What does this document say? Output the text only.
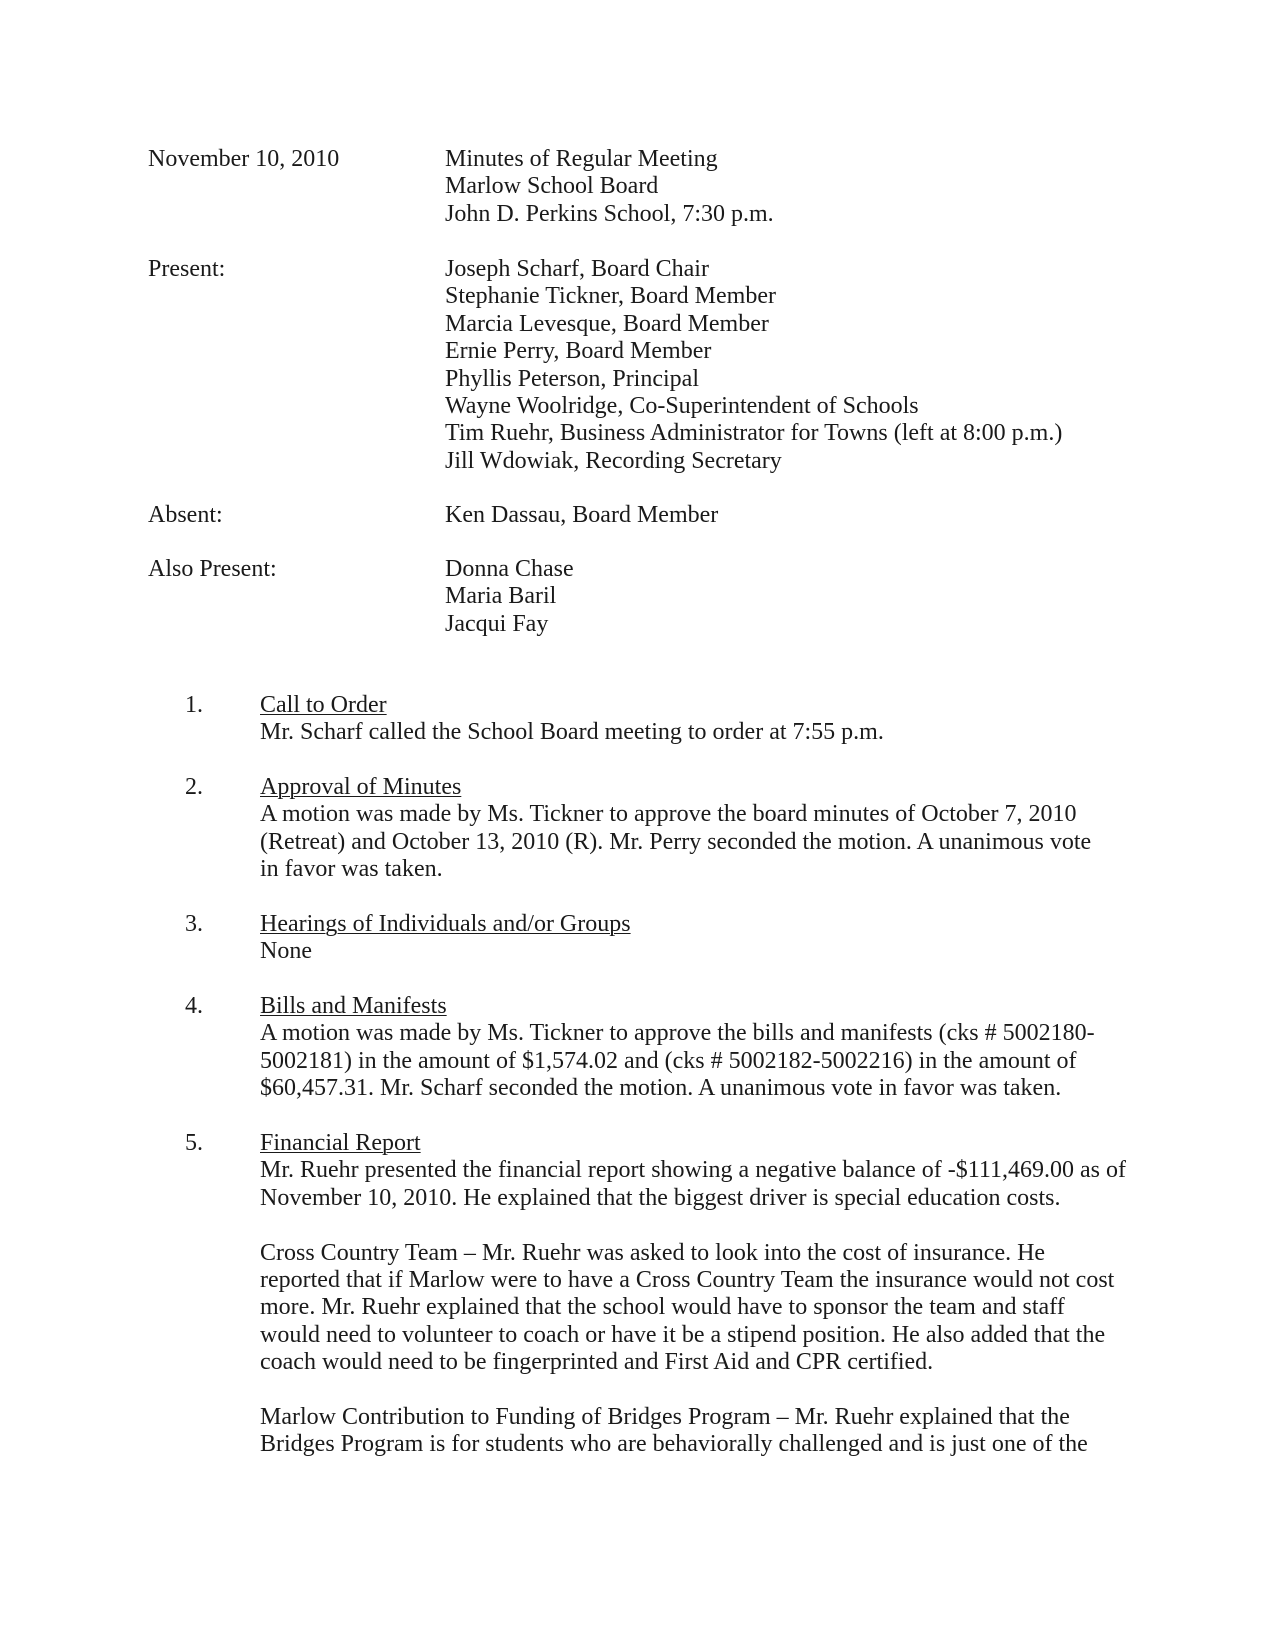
November 10, 2010	Minutes of Regular Meeting
Marlow School Board
John D. Perkins School, 7:30 p.m.
Present:	Joseph Scharf, Board Chair
Stephanie Tickner, Board Member
Marcia Levesque, Board Member
Ernie Perry, Board Member
Phyllis Peterson, Principal
Wayne Woolridge, Co-Superintendent of Schools
Tim Ruehr, Business Administrator for Towns (left at 8:00 p.m.)
Jill Wdowiak, Recording Secretary
Absent:	Ken Dassau, Board Member
Also Present:	Donna Chase
Maria Baril
Jacqui Fay
1. Call to Order
Mr. Scharf called the School Board meeting to order at 7:55 p.m.
2. Approval of Minutes
A motion was made by Ms. Tickner to approve the board minutes of October 7, 2010
(Retreat) and October 13, 2010 (R). Mr. Perry seconded the motion. A unanimous vote
in favor was taken.
3. Hearings of Individuals and/or Groups
None
4. Bills and Manifests
A motion was made by Ms. Tickner to approve the bills and manifests (cks # 5002180-
5002181) in the amount of $1,574.02 and (cks # 5002182-5002216) in the amount of
$60,457.31. Mr. Scharf seconded the motion. A unanimous vote in favor was taken.
5. Financial Report
Mr. Ruehr presented the financial report showing a negative balance of -$111,469.00 as of
November 10, 2010. He explained that the biggest driver is special education costs.
Cross Country Team – Mr. Ruehr was asked to look into the cost of insurance. He
reported that if Marlow were to have a Cross Country Team the insurance would not cost
more. Mr. Ruehr explained that the school would have to sponsor the team and staff
would need to volunteer to coach or have it be a stipend position. He also added that the
coach would need to be fingerprinted and First Aid and CPR certified.
Marlow Contribution to Funding of Bridges Program – Mr. Ruehr explained that the
Bridges Program is for students who are behaviorally challenged and is just one of the
